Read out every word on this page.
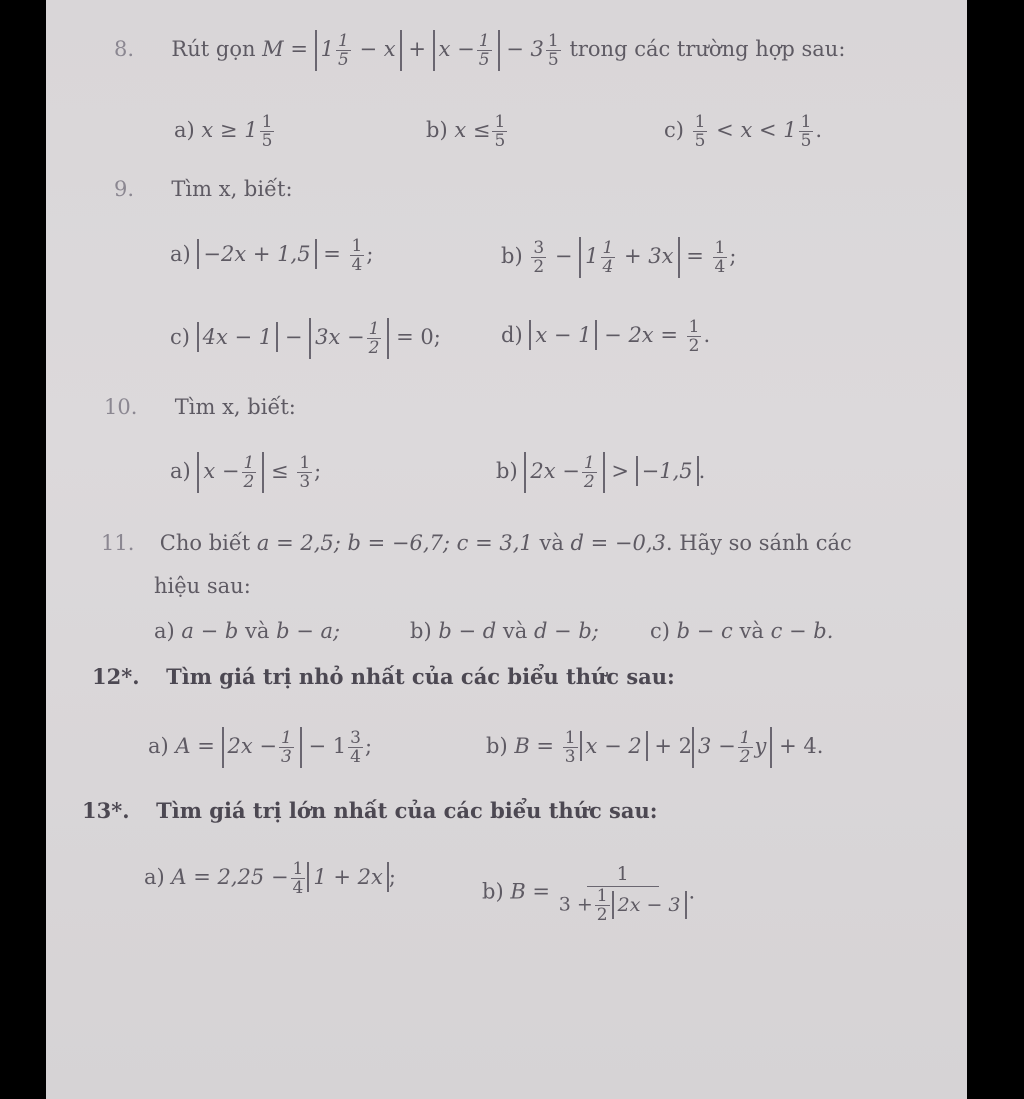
8. Rút gọn $M = 1 \frac{1}{5} - x + x - \frac{1}{5} - 3 \frac{1}{5}$ trong các trường hợp sau:
a) $x \ge 1 \frac{1}{5}$	b) $x \le \frac{1}{5}$	$c) \frac{1}{5} < x < 1 \frac{1}{5}$ .
9. Tìm x, biết:
$a) -2x + 1,5 = \frac{1}{4}$ ;	$b) \frac{3}{2} - 1 \frac{1}{4} + 3x = \frac{1}{4}$ ;
c) $4x - 1 - 3x - \frac{1}{2} = 0$;	d) $x - 1 - 2x = \frac{1}{2}$ .
10. Tìm x, biết:
a) $x - \frac{1}{2} \le \frac{1}{3}$ ;	b) $2x - \frac{1}{2} > -1,5$ .
11. Cho biết a = 2,5; b = −6,7; c = 3,1 và d = −0,3. Hãy so sánh các
hiệu sau:
a) a − b và b − a;	b) b − d và d − b; c) b − c và c − b.
12*. Tìm giá trị nhỏ nhất của các biểu thức sau:
a) $A = 2x - \frac{1}{3} - 1 \frac{3}{4}$ ;	b) $B = \frac{1}{3}$ x − 2 + 2 $3 - \frac{1}{2}$ y + 4.
13*. Tìm giá trị lớn nhất của các biểu thức sau:
a) $A = 2,25 - \frac{1}{4} 1 + 2x$ ;
b) $B = \frac{1}{3 + \frac{1}{2} 2x - 3}$ .
